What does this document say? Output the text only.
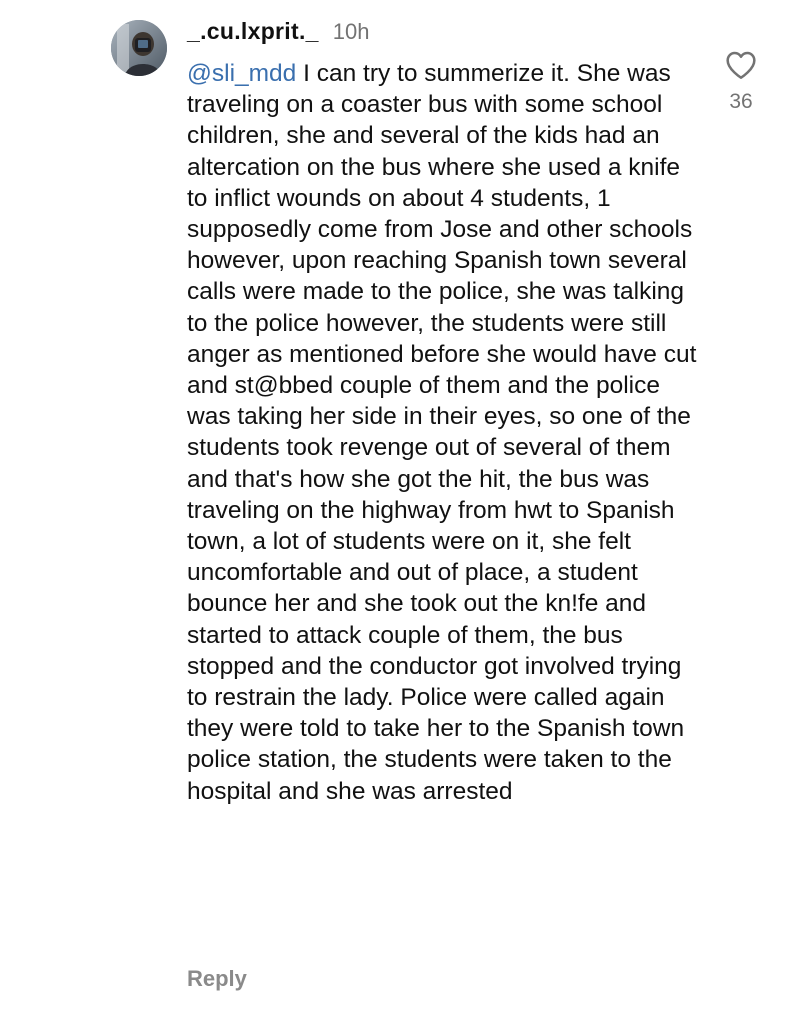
_.cu.lxprit._ 10h

@sli_mdd I can try to summerize it. She was traveling on a coaster bus with some school children, she and several of the kids had an altercation on the bus where she used a knife to inflict wounds on about 4 students, 1 supposedly come from Jose and other schools however, upon reaching Spanish town several calls were made to the police, she was talking to the police however, the students were still anger as mentioned before she would have cut and st@bbed couple of them and the police was taking her side in their eyes, so one of the students took revenge out of several of them and that's how she got the hit, the bus was traveling on the highway from hwt to Spanish town, a lot of students were on it, she felt uncomfortable and out of place, a student bounce her and she took out the kn!fe and started to attack couple of them, the bus stopped and the conductor got involved trying to restrain the lady. Police were called again they were told to take her to the Spanish town police station, the students were taken to the hospital and she was arrested

Reply
36
